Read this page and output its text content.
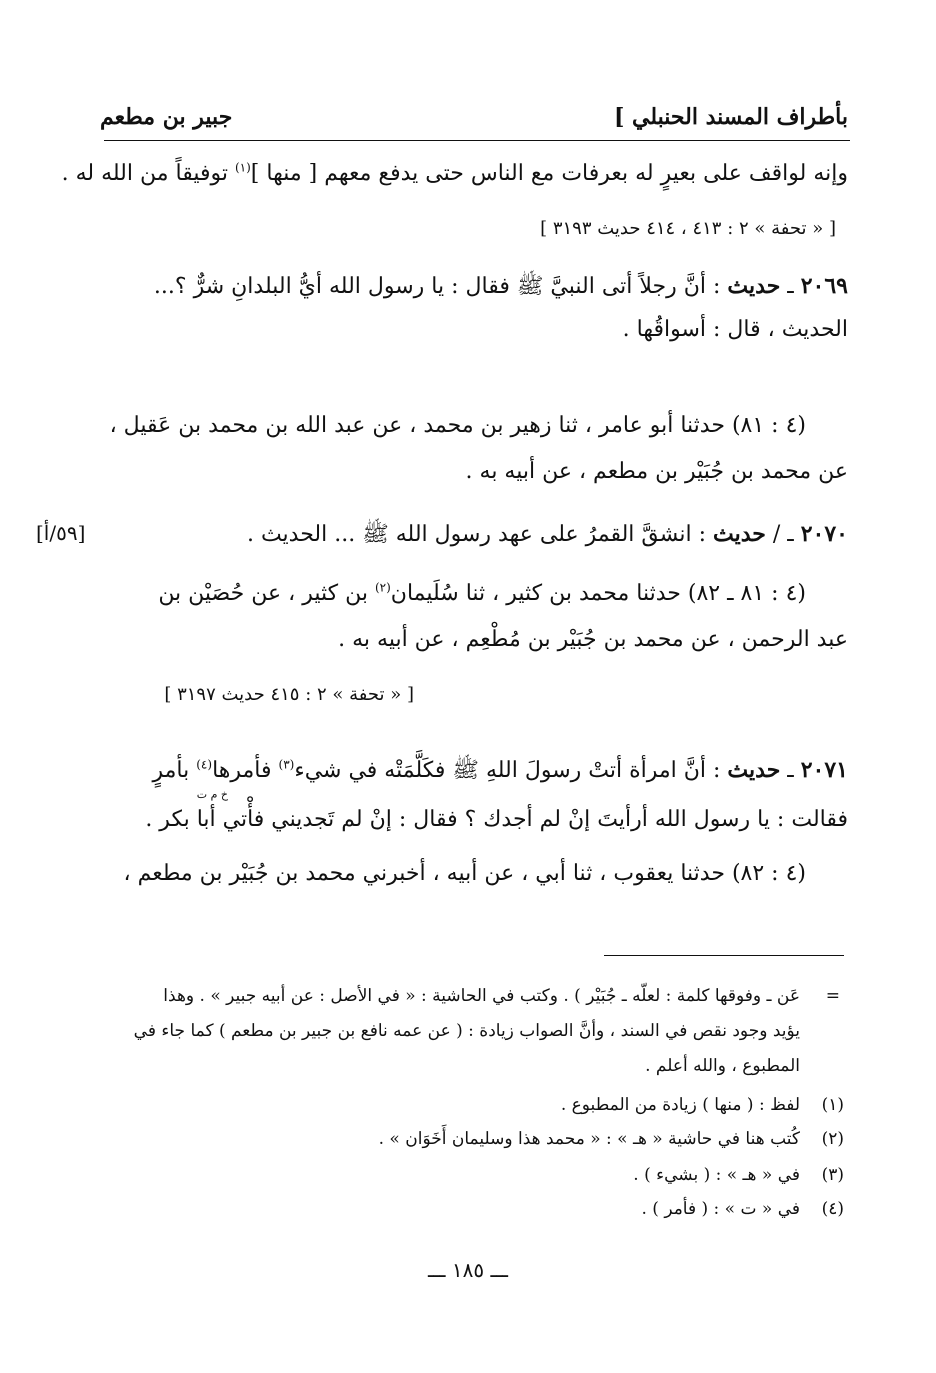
بأطراف المسند الحنبلي ]
جبير بن مطعم
وإنه لواقف على بعيرٍ له بعرفات مع الناس حتى يدفع معهم [ منها ]$^{(١)}$ توفيقاً من الله له .
[ « تحفة » ٢ : ٤١٣ ، ٤١٤ حديث ٣١٩٣ ]
٢٠٦٩ ـ حديث : أنَّ رجلاً أتى النبيَّ ﷺ فقال : يا رسول الله أيُّ البلدانِ شرٌّ ؟...
الحديث ، قال : أسواقُها .
(٤ : ٨١) حدثنا أبو عامر ، ثنا زهير بن محمد ، عن عبد الله بن محمد بن عَقيل ،
عن محمد بن جُبَيْر بن مطعم ، عن أبيه به .
٢٠٧٠ ـ / حديث : انشقَّ القمرُ على عهد رسول الله ﷺ ... الحديث .
[٥٩/أ]
(٤ : ٨١ ـ ٨٢) حدثنا محمد بن كثير ، ثنا سُلَيمان$^{(٢)}$ بن كثير ، عن حُصَيْن بن
عبد الرحمن ، عن محمد بن جُبَيْر بن مُطْعِم ، عن أبيه به .
[ « تحفة » ٢ : ٤١٥ حديث ٣١٩٧ ]
٢٠٧١ ـ حديث : أنَّ امرأة أتتْ رسولَ اللهِ ﷺ فكَلَّمَتْه في شيء$^{(٣)}$ فأمرها$^{(٤)}$ بأمرٍ
خ م ت
فقالت : يا رسول الله أرأيتَ إنْ لم أجدك ؟ فقال : إنْ لم تَجديني فأْتي أبا بكر .
(٤ : ٨٢) حدثنا يعقوب ، ثنا أبي ، عن أبيه ، أخبرني محمد بن جُبَيْر بن مطعم ،
=
عَن ـ وفوقها كلمة : لعلّه ـ جُبَيْر ) . وكتب في الحاشية : « في الأصل : عن أبيه جبير » . وهذا
يؤيد وجود نقص في السند ، وأنَّ الصواب زيادة : ( عن عمه نافع بن جبير بن مطعم ) كما جاء في
المطبوع ، والله أعلم .
(١)
لفظ : ( منها ) زيادة من المطبوع .
(٢)
كُتب هنا في حاشية « هـ » : « محمد هذا وسليمان أَخَوَان » .
(٣)
في « هـ » : ( بشيء ) .
(٤)
في « ت » : ( فأمر ) .
ـــ ١٨٥ ـــ
